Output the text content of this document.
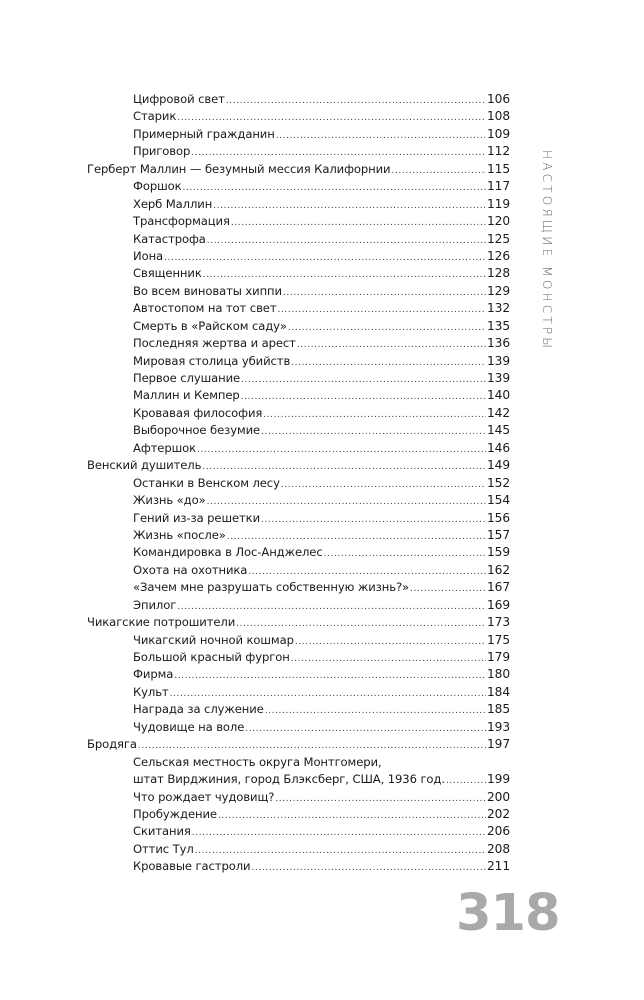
Цифровой свет .....	106
Старик .....	108
Примерный гражданин .....	109
Приговор .....	112
Герберт Маллин — безумный мессия Калифорнии .....	115
Форшок .....	117
Херб Маллин .....	119
Трансформация .....	120
Катастрофа .....	125
Иона .....	126
Священник .....	128
Во всем виноваты хиппи .....	129
Автостопом на тот свет .....	132
Смерть в «Райском саду» .....	135
Последняя жертва и арест .....	136
Мировая столица убийств .....	139
Первое слушание .....	139
Маллин и Кемпер .....	140
Кровавая философия .....	142
Выборочное безумие .....	145
Афтершок .....	146
Венский душитель .....	149
Останки в Венском лесу .....	152
Жизнь «до» .....	154
Гений из-за решетки .....	156
Жизнь «после» .....	157
Командировка в Лос-Анджелес .....	159
Охота на охотника .....	162
«Зачем мне разрушать собственную жизнь?» .....	167
Эпилог .....	169
Чикагские потрошители .....	173
Чикагский ночной кошмар .....	175
Большой красный фургон .....	179
Фирма .....	180
Культ .....	184
Награда за служение .....	185
Чудовище на воле .....	193
Бродяга .....	197
Сельская местность округа Монтгомери,
штат Вирджиния, город Блэксберг, США, 1936 год. .....	199
Что рождает чудовищ? .....	200
Пробуждение .....	202
Скитания .....	206
Оттис Тул .....	208
Кровавые гастроли .....	211
НАСТОЯЩИЕ МОНСТРЫ
318
